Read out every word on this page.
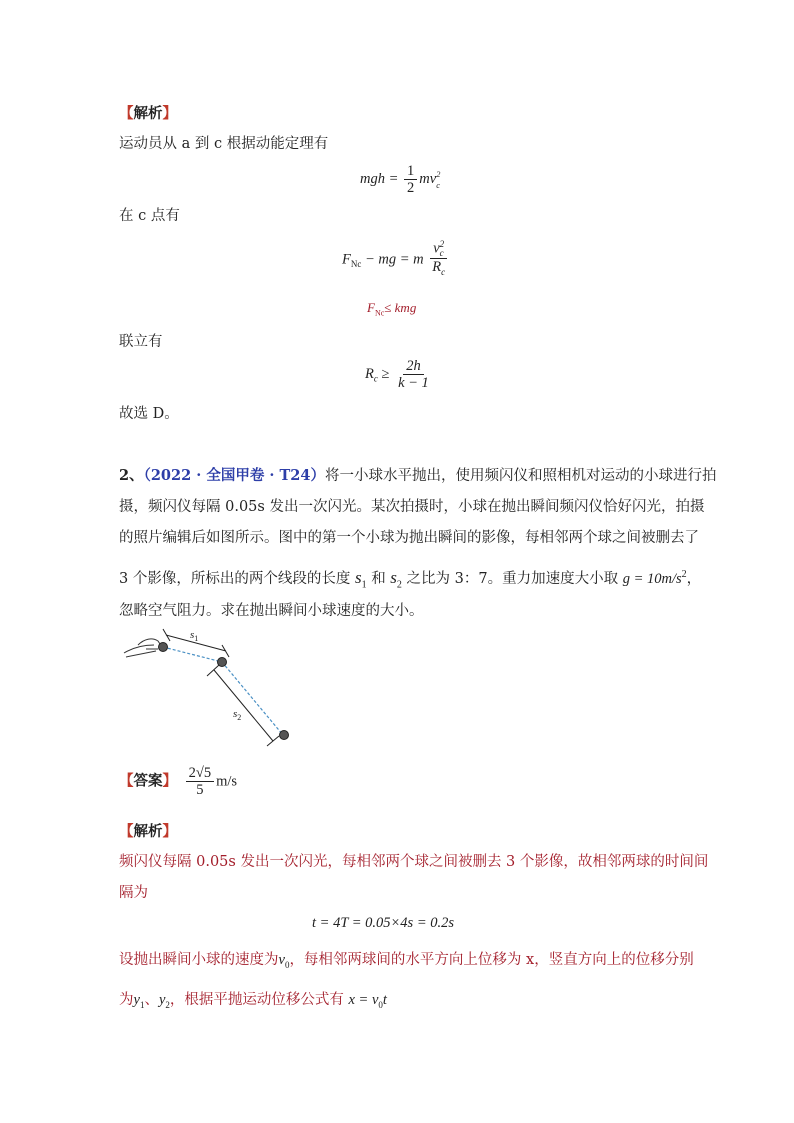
【解析】
运动员从 a 到 c 根据动能定理有
mgh = $\frac{1}{2}$ mv 2
c
在 c 点有
$F_{Nc}$ − mg = m v 2
c
$R_c$
$F_{Nc}\le$ kmg
联立有
$R_c \ge \frac{2h}{k - 1}$
故选 D。
2、（2022 · 全国甲卷 · T24）将一小球水平抛出，使用频闪仪和照相机对运动的小球进行拍
摄，频闪仪每隔 0.05s 发出一次闪光。某次拍摄时，小球在抛出瞬间频闪仪恰好闪光，拍摄
的照片编辑后如图所示。图中的第一个小球为抛出瞬间的影像，每相邻两个球之间被删去了
3 个影像，所标出的两个线段的长度 $s_1$ 和 $s_2$ 之比为 3：7。重力加速度大小取 $g = 10m/s^2$，
忽略空气阻力。求在抛出瞬间小球速度的大小。
$s_1$
$s_2$
【答案】 $\frac{2√5}{5} m/s$
【解析】
频闪仪每隔 0.05s 发出一次闪光，每相邻两个球之间被删去 3 个影像，故相邻两球的时间间
隔为
t = 4T = 0.05×4s = 0.2s
设抛出瞬间小球的速度为$v_0$，每相邻两球间的水平方向上位移为 x，竖直方向上的位移分别
为$y_1$、$y_2$，根据平抛运动位移公式有 $x = v_0t$
